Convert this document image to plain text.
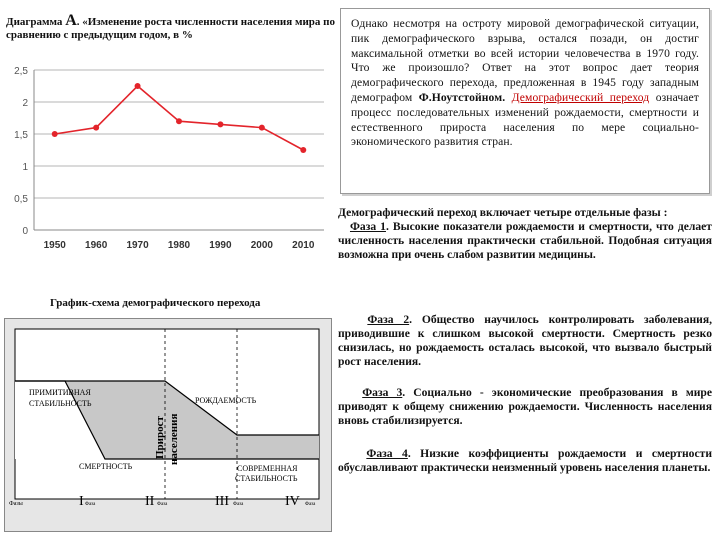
Диаграмма А. «Изменение роста численности населения мира по сравнению с предыдущим годом, в %
0
0,5
1
1,5
2
2,5
1950 1960 1970 1980 1990 2000 2010

Однако несмотря на остроту мировой демографической ситуации, пик демографического взрыва, остался позади, он достиг максимальной отметки во всей истории человечества в 1970 году. Что же произошло? Ответ на этот вопрос дает теория демографического перехода, предложенная в 1945 году западным демографом Ф.Ноутстойном. Демографический переход означает процесс последовательных изменений рождаемости, смертности и естественного прироста населения по мере социально-экономического развития стран.

Демографический переход включает четыре отдельные фазы :
Фаза 1. Высокие показатели рождаемости и смертности, что делает численность населения практически стабильной. Подобная ситуация возможна при очень слабом развитии медицины.
Фаза 2. Общество научилось контролировать заболевания, приводившие к слишком высокой смертности. Смертность резко снизилась, но рождаемость осталась высокой, что вызвало быстрый рост населения.
Фаза 3. Социально - экономические преобразования в мире приводят к общему снижению рождаемости. Численность населения вновь стабилизируется.
Фаза 4. Низкие коэффициенты рождаемости и смертности обуславливают практически неизменный уровень населения планеты.
График-схема демографического перехода
ПРИМИТИВНАЯ
СТАБИЛЬНОСТЬ	РОЖДАЕМОСТЬ
СМЕРТНОСТЬ	СОВРЕМЕННАЯ
СТАБИЛЬНОСТЬ
Прирост населения
Фазы	I Фаза	II Фаза	III Фаза	IV Фаза
